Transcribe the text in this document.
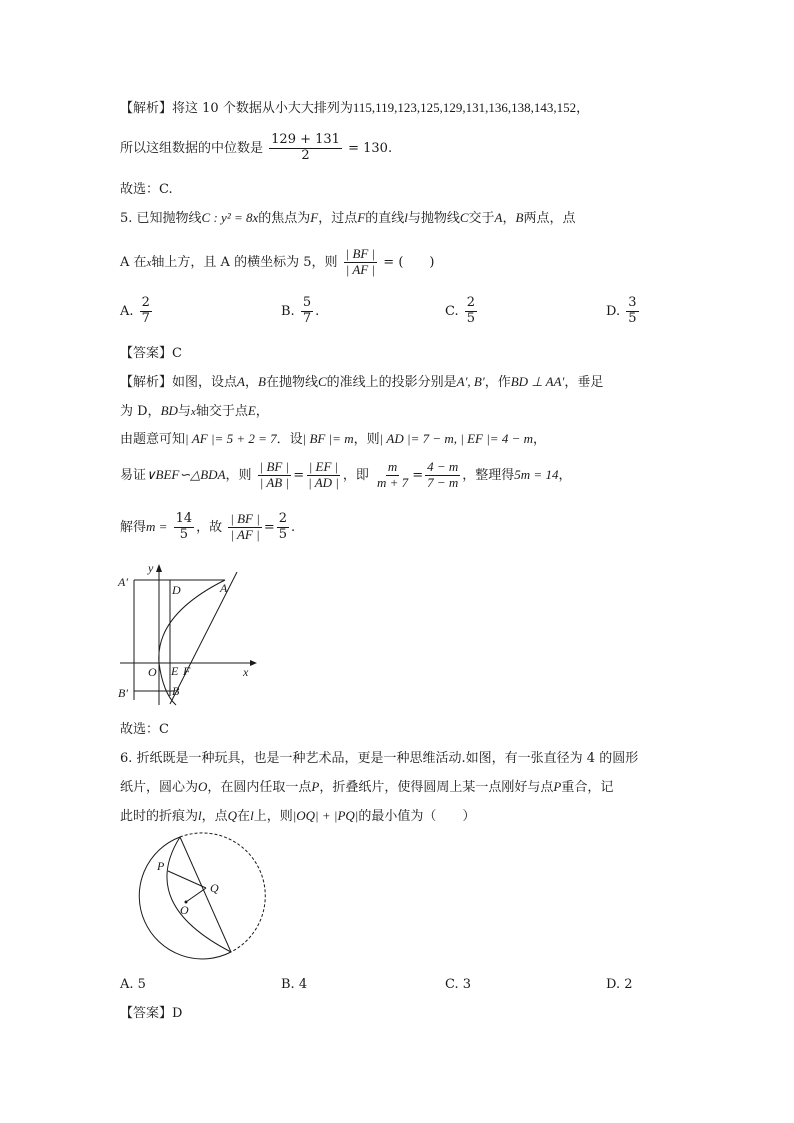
【解析】将这 10 个数据从小大大排列为115,119,123,125,129,131,136,138,143,152，
所以这组数据的中位数是 $\frac{129 + 131}{2} = 130$.
故选：C.
5. 已知抛物线C : y² = 8x的焦点为F，过点F的直线l与抛物线C交于A，B两点，点
A 在x轴上方，且 A 的横坐标为 5，则 $\frac{| BF |}{| AF |}$ = (　　)
A. $\frac{2}{7}$	B. $\frac{5}{7}$ .	C. $\frac{2}{5}$	D. $\frac{3}{5}$
【答案】C
【解析】如图，设点A，B在抛物线C的准线上的投影分别是A′, B′，作BD ⊥ AA′，垂足
为 D，BD与x轴交于点E，
由题意可知| AF |= 5 + 2 = 7．设| BF |= m，则| AD |= 7 − m, | EF |= 4 − m，
易证∨BEF∽△BDA，则 $\frac{| BF |}{| AB |} = \frac{| EF |}{| AD |}$ ，即 $\frac{m}{m + 7} = \frac{4 - m}{7 - m}$ ，整理得5m = 14，
解得$m = \frac{14}{5}$ ，故 $\frac{| BF |}{| AF |} = \frac{2}{5}$ .
y
x
A′
B′
D	A
O E F
B
故选：C
6. 折纸既是一种玩具，也是一种艺术品，更是一种思维活动.如图，有一张直径为 4 的圆形
纸片，圆心为O，在圆内任取一点P，折叠纸片，使得圆周上某一点刚好与点P重合，记
此时的折痕为l，点Q在l上，则|OQ| + |PQ|的最小值为（　　）
P
Q
O
A. 5	B. 4	C. 3	D. 2
【答案】D
